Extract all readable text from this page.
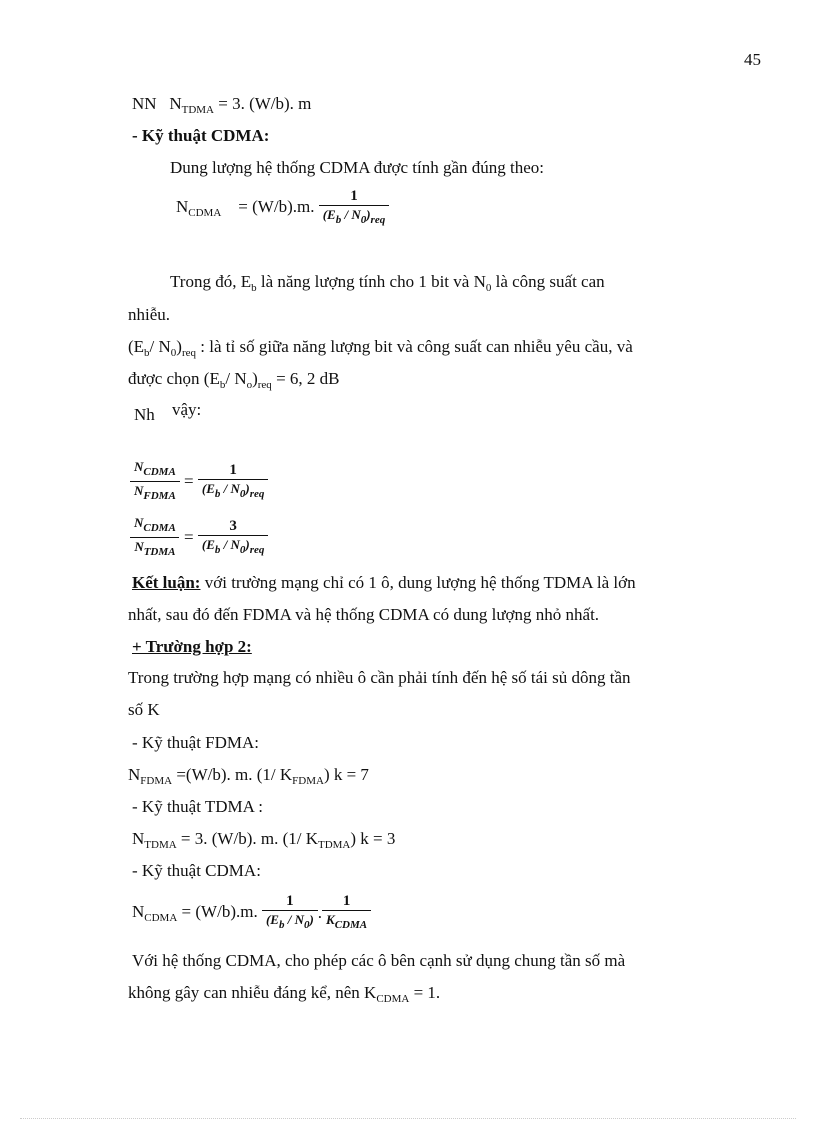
45
NN $N_{TDMA} = 3$. (W/b). m
- Kỹ thuật CDMA:
Dung lượng hệ thống CDMA được tính gần đúng theo:
$N_{CDMA} = (W/b).m$. $\frac{1}{(E_b / N_0)_{req}}$
Trong đó, $E_b$ là năng lượng tính cho 1 bit và $N_0$ là công suất can
nhiễu.
($E_b/$ $N_0)_{req}$ : là tỉ số giữa năng lượng bit và công suất can nhiễu yêu cầu, và
được chọn ($E_b/$ $N_o)_{req} = 6$, 2 dB
Nh vậy:
$\frac{N_{CDMA}}{N_{FDMA}} = \frac{1}{(E_b / N_0)_{req}}$
$\frac{N_{CDMA}}{N_{TDMA}} = \frac{3}{(E_b / N_0)_{req}}$
Kết luận: với trường mạng chỉ có 1 ô, dung lượng hệ thống TDMA là lớn
nhất, sau đó đến FDMA và hệ thống CDMA có dung lượng nhỏ nhất.
+ Trường hợp 2:
Trong trường hợp mạng có nhiều ô cần phải tính đến hệ số tái sủ dông tần
số K
- Kỹ thuật FDMA:
$N_{FDMA} =(W/b)$. m. (1/ $K_{FDMA}$) k = 7
- Kỹ thuật TDMA :
$N_{TDMA} = 3$. (W/b). m. (1/ $K_{TDMA}$) k = 3
- Kỹ thuật CDMA:
$N_{CDMA} = (W/b).m$. $\frac{1}{(E_b / N_0)}$ . $\frac{1}{K_{CDMA}}$
Với hệ thống CDMA, cho phép các ô bên cạnh sử dụng chung tần số mà
không gây can nhiễu đáng kể, nên $K_{CDMA} = 1$.
